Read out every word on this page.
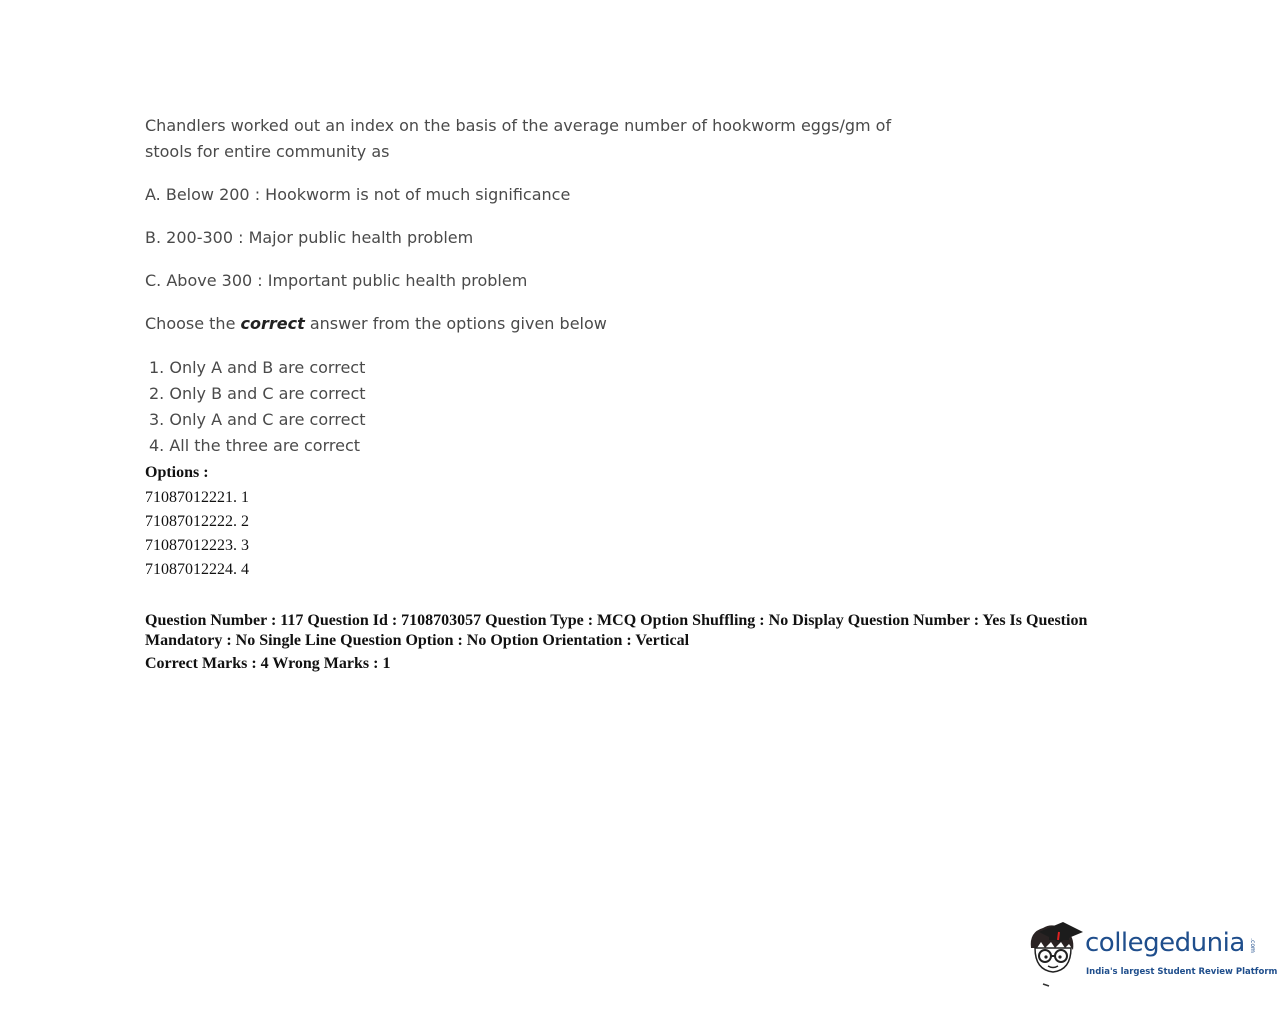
Chandlers worked out an index on the basis of the average number of hookworm eggs/gm of
stools for entire community as

A. Below 200 : Hookworm is not of much significance

B. 200-300 : Major public health problem

C. Above 300 : Important public health problem

Choose the correct answer from the options given below

1. Only A and B are correct
2. Only B and C are correct
3. Only A and C are correct
4. All the three are correct
Options :
71087012221. 1
71087012222. 2
71087012223. 3
71087012224. 4
Question Number : 117 Question Id : 7108703057 Question Type : MCQ Option Shuffling : No Display Question Number : Yes Is Question Mandatory : No Single Line Question Option : No Option Orientation : Vertical
Correct Marks : 4 Wrong Marks : 1
collegedunia .com
India's largest Student Review Platform
